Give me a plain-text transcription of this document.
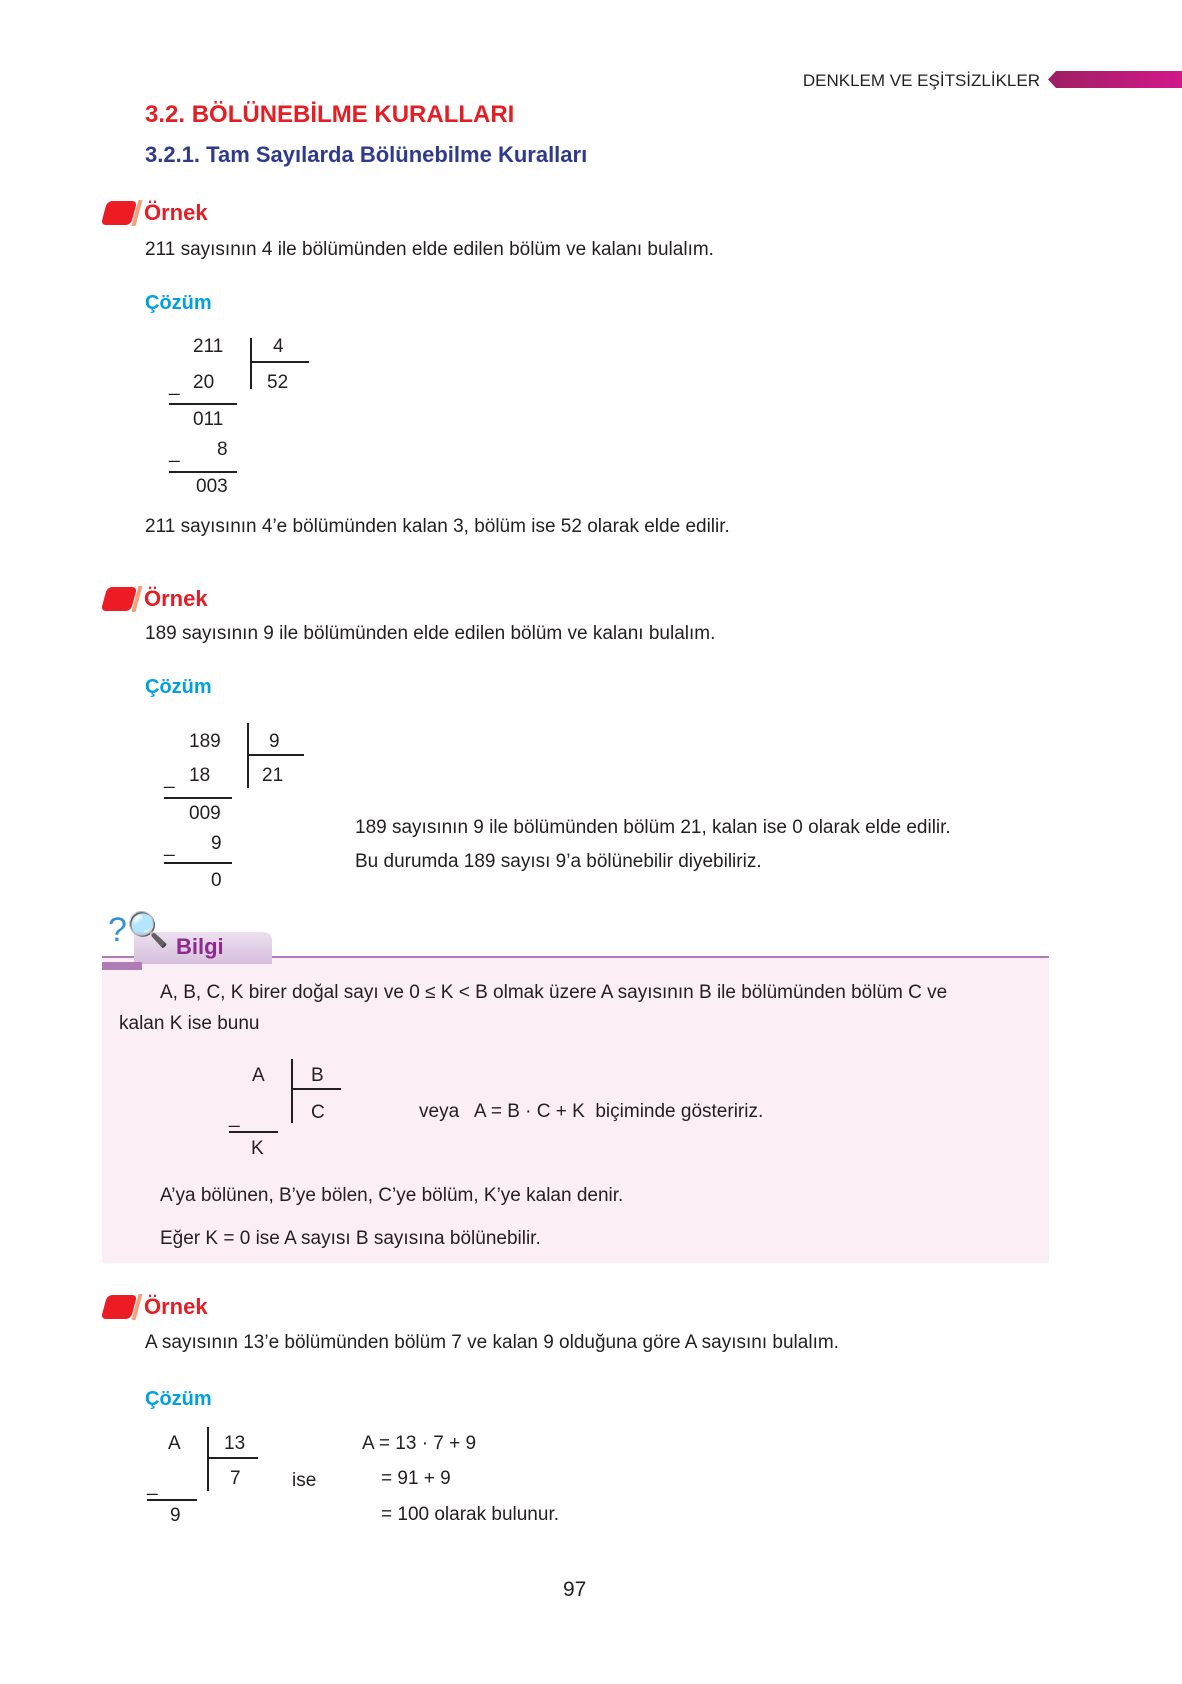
DENKLEM VE EŞİTSİZLİKLER
3.2. BÖLÜNEBİLME KURALLARI
3.2.1. Tam Sayılarda Bölünebilme Kuralları
Örnek
211 sayısının 4 ile bölümünden elde edilen bölüm ve kalanı bulalım.
Çözüm
211	4
52
_ 20
011
_ 8
003
211 sayısının 4’e bölümünden kalan 3, bölüm ise 52 olarak elde edilir.
Örnek
189 sayısının 9 ile bölümünden elde edilen bölüm ve kalanı bulalım.
Çözüm
189	9
21
_ 18
009
_ 9
0
189 sayısının 9 ile bölümünden bölüm 21, kalan ise 0 olarak elde edilir.
Bu durumda 189 sayısı 9’a bölünebilir diyebiliriz.
?🔍 Bilgi
A, B, C, K birer doğal sayı ve 0 ≤ K < B olmak üzere A sayısının B ile bölümünden bölüm C ve
kalan K ise bunu
A B
C
_
K
veya   A = B · C + K  biçiminde gösteririz.
A’ya bölünen, B’ye bölen, C’ye bölüm, K’ye kalan denir.
Eğer K = 0 ise A sayısı B sayısına bölünebilir.
Örnek
A sayısının 13’e bölümünden bölüm 7 ve kalan 9 olduğuna göre A sayısını bulalım.
Çözüm
A 13
7
_
9
ise
A = 13 · 7 + 9
= 91 + 9
= 100 olarak bulunur.
97
